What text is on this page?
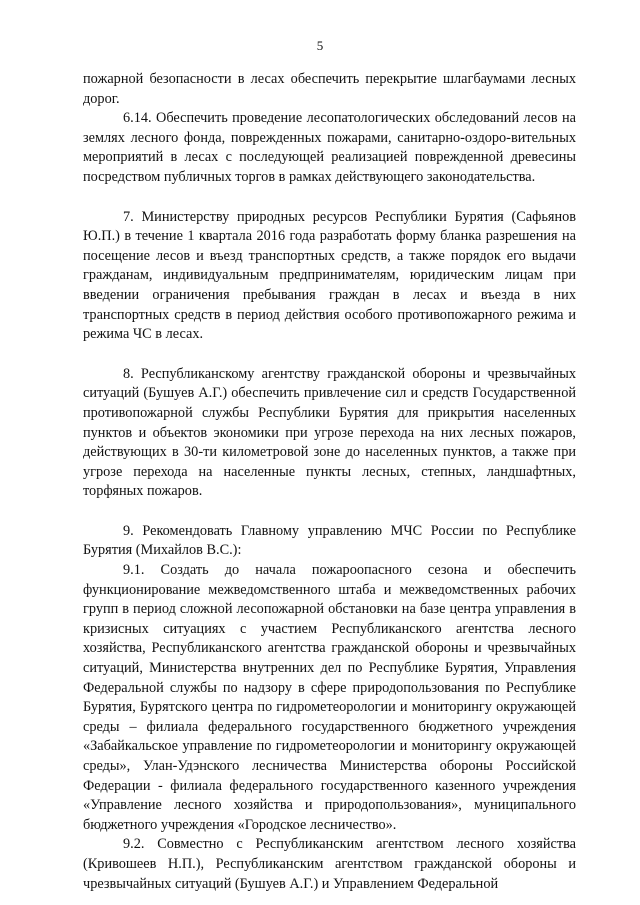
5

пожарной безопасности в лесах обеспечить перекрытие шлагбаумами лесных дорог.

6.14. Обеспечить проведение лесопатологических обследований лесов на землях лесного фонда, поврежденных пожарами, санитарно-оздоро-вительных мероприятий в лесах с последующей реализацией поврежденной древесины посредством публичных торгов в рамках действующего законодательства.

7. Министерству природных ресурсов Республики Бурятия (Сафьянов Ю.П.) в течение 1 квартала 2016 года разработать форму бланка разрешения на посещение лесов и въезд транспортных средств, а также порядок его выдачи гражданам, индивидуальным предпринимателям, юридическим лицам при введении ограничения пребывания граждан в лесах и въезда в них транспортных средств в период действия особого противопожарного режима и режима ЧС в лесах.

8. Республиканскому агентству гражданской обороны и чрезвычайных ситуаций (Бушуев А.Г.) обеспечить привлечение сил и средств Государственной противопожарной службы Республики Бурятия для прикрытия населенных пунктов и объектов экономики при угрозе перехода на них лесных пожаров, действующих в 30-ти километровой зоне до населенных пунктов, а также при угрозе перехода на населенные пункты лесных, степных, ландшафтных, торфяных пожаров.

9. Рекомендовать Главному управлению МЧС России по Республике Бурятия (Михайлов В.С.):

9.1. Создать до начала пожароопасного сезона и обеспечить функционирование межведомственного штаба и межведомственных рабочих групп в период сложной лесопожарной обстановки на базе центра управления в кризисных ситуациях с участием Республиканского агентства лесного хозяйства, Республиканского агентства гражданской обороны и чрезвычайных ситуаций, Министерства внутренних дел по Республике Бурятия, Управления Федеральной службы по надзору в сфере природопользования по Республике Бурятия, Бурятского центра по гидрометеорологии и мониторингу окружающей среды – филиала федерального государственного бюджетного учреждения «Забайкальское управление по гидрометеорологии и мониторингу окружающей среды», Улан-Удэнского лесничества Министерства обороны Российской Федерации - филиала федерального государственного казенного учреждения «Управление лесного хозяйства и природопользования», муниципального бюджетного учреждения «Городское лесничество».

9.2. Совместно с Республиканским агентством лесного хозяйства (Кривошеев Н.П.), Республиканским агентством гражданской обороны и чрезвычайных ситуаций (Бушуев А.Г.) и Управлением Федеральной
